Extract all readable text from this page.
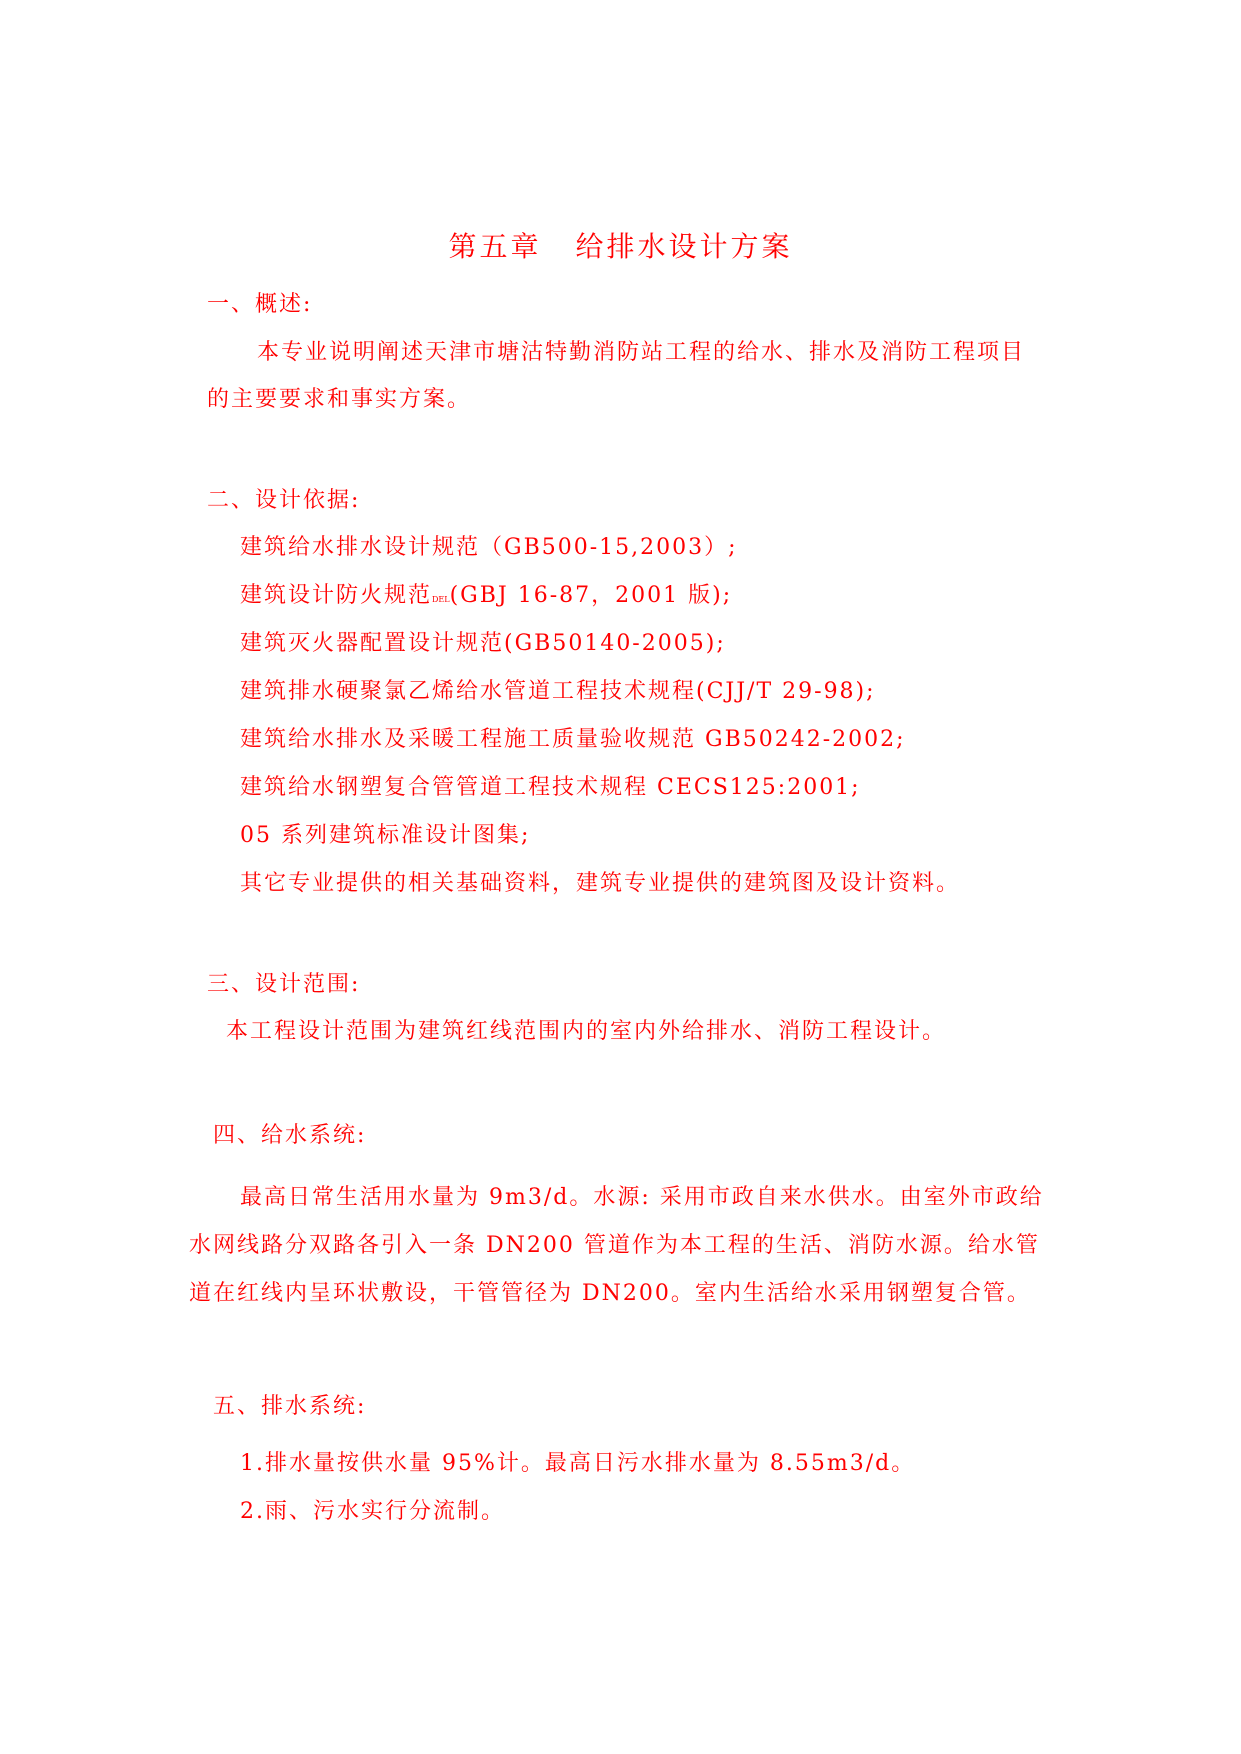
第五章 给排水设计方案
一、概述:
本专业说明阐述天津市塘沽特勤消防站工程的给水、排水及消防工程项目
的主要要求和事实方案。
二、设计依据:
建筑给水排水设计规范（GB500-15,2003）;
建筑设计防火规范DEL(GBJ 16-87，2001 版);
建筑灭火器配置设计规范(GB50140-2005);
建筑排水硬聚氯乙烯给水管道工程技术规程(CJJ/T 29-98);
建筑给水排水及采暖工程施工质量验收规范 GB50242-2002;
建筑给水钢塑复合管管道工程技术规程 CECS125:2001;
05 系列建筑标准设计图集;
其它专业提供的相关基础资料，建筑专业提供的建筑图及设计资料。
三、设计范围:
本工程设计范围为建筑红线范围内的室内外给排水、消防工程设计。
四、给水系统:
最高日常生活用水量为 9m3/d。水源: 采用市政自来水供水。由室外市政给
水网线路分双路各引入一条 DN200 管道作为本工程的生活、消防水源。给水管
道在红线内呈环状敷设，干管管径为 DN200。室内生活给水采用钢塑复合管。
五、排水系统:
1.排水量按供水量 95%计。最高日污水排水量为 8.55m3/d。
2.雨、污水实行分流制。
